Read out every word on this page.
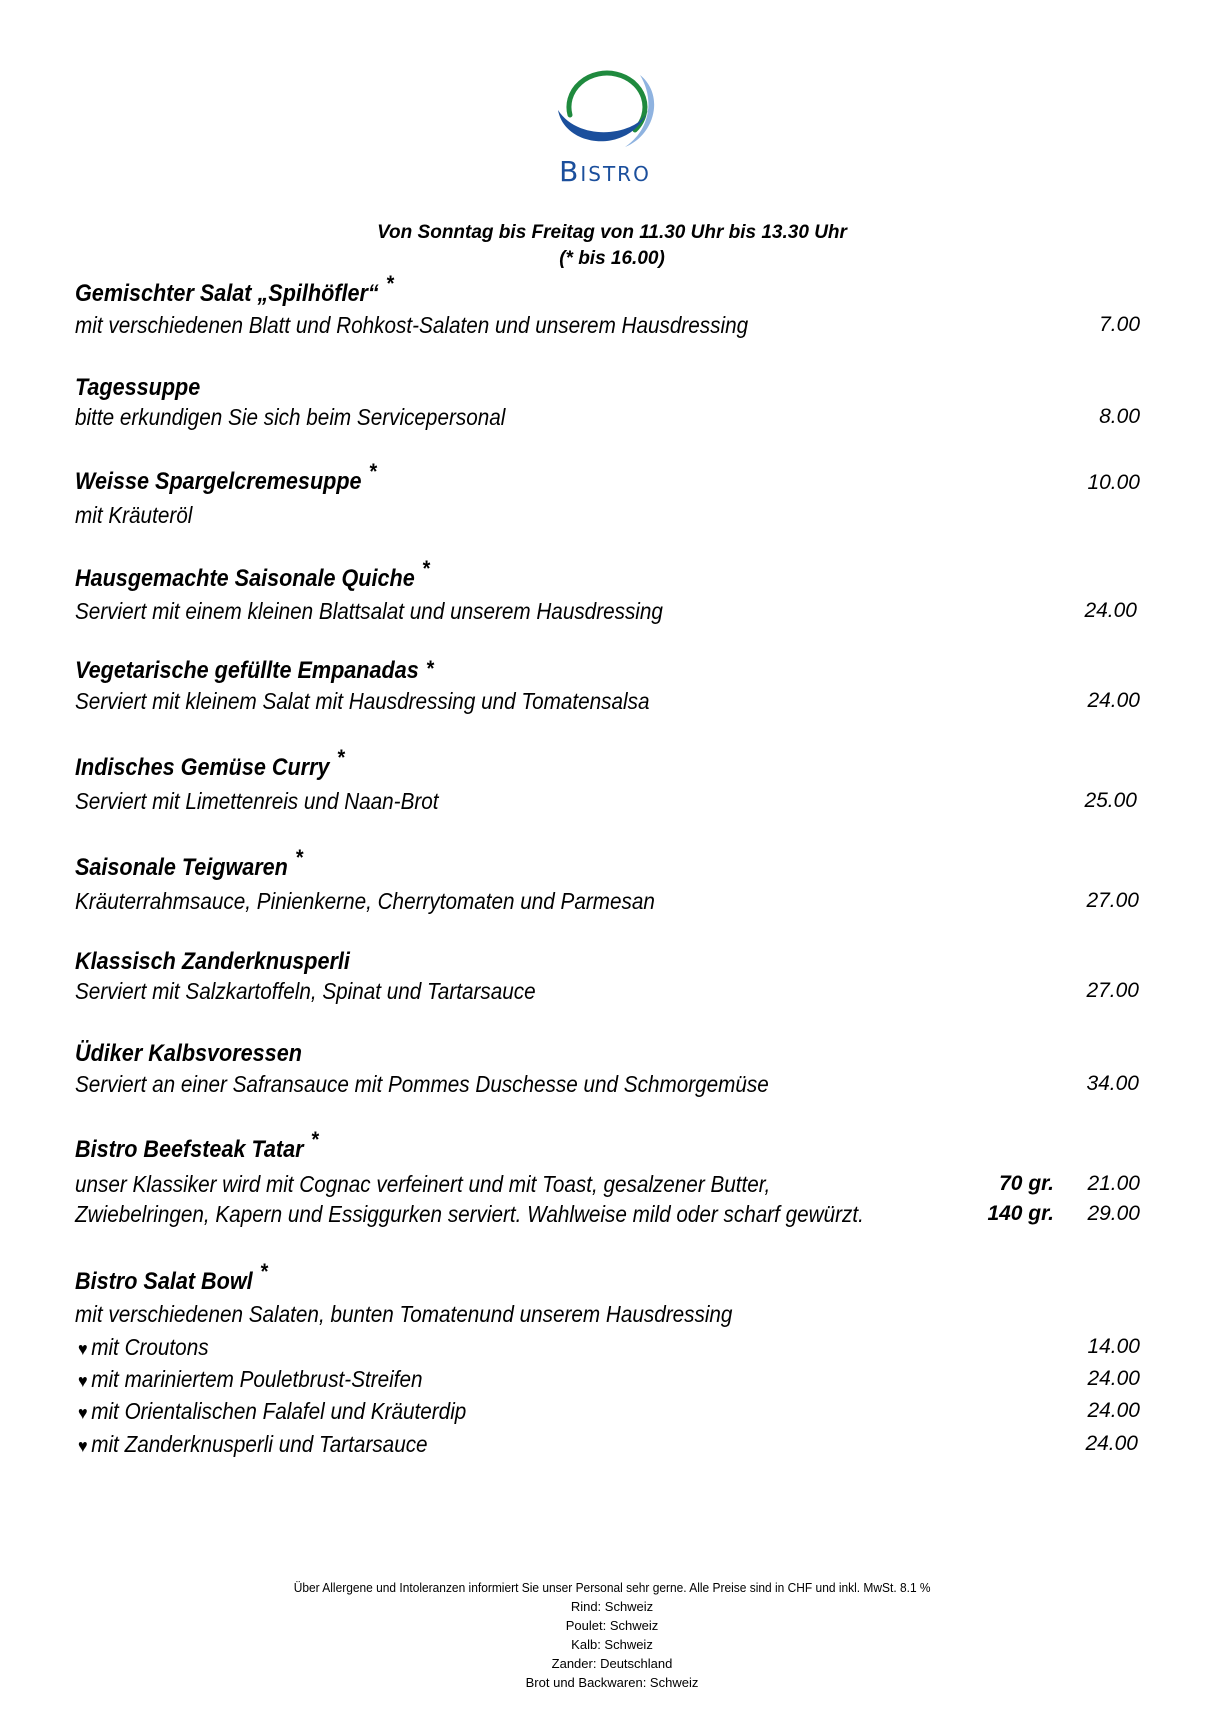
Bistro
Von Sonntag bis Freitag von 11.30 Uhr bis 13.30 Uhr
(* bis 16.00)
Gemischter Salat „Spilhöfler“ *
mit verschiedenen Blatt und Rohkost-Salaten und unserem Hausdressing	7.00
Tagessuppe
bitte erkundigen Sie sich beim Servicepersonal	8.00
Weisse Spargelcremesuppe *	10.00
mit Kräuteröl
Hausgemachte Saisonale Quiche *
Serviert mit einem kleinen Blattsalat und unserem Hausdressing	24.00
Vegetarische gefüllte Empanadas *
Serviert mit kleinem Salat mit Hausdressing und Tomatensalsa	24.00
Indisches Gemüse Curry *
Serviert mit Limettenreis und Naan-Brot	25.00
Saisonale Teigwaren *
Kräuterrahmsauce, Pinienkerne, Cherrytomaten und Parmesan	27.00
Klassisch Zanderknusperli
Serviert mit Salzkartoffeln, Spinat und Tartarsauce	27.00
Üdiker Kalbsvoressen
Serviert an einer Safransauce mit Pommes Duschesse und Schmorgemüse	34.00
Bistro Beefsteak Tatar *
unser Klassiker wird mit Cognac verfeinert und mit Toast, gesalzener Butter,	70 gr.	21.00
Zwiebelringen, Kapern und Essiggurken serviert. Wahlweise mild oder scharf gewürzt.	140 gr.	29.00
Bistro Salat Bowl *
mit verschiedenen Salaten, bunten Tomatenund unserem Hausdressing
♥ mit Croutons	14.00
♥ mit mariniertem Pouletbrust-Streifen	24.00
♥ mit Orientalischen Falafel und Kräuterdip	24.00
♥ mit Zanderknusperli und Tartarsauce	24.00
Über Allergene und Intoleranzen informiert Sie unser Personal sehr gerne. Alle Preise sind in CHF und inkl. MwSt. 8.1 %
Rind: Schweiz
Poulet: Schweiz
Kalb: Schweiz
Zander: Deutschland
Brot und Backwaren: Schweiz
